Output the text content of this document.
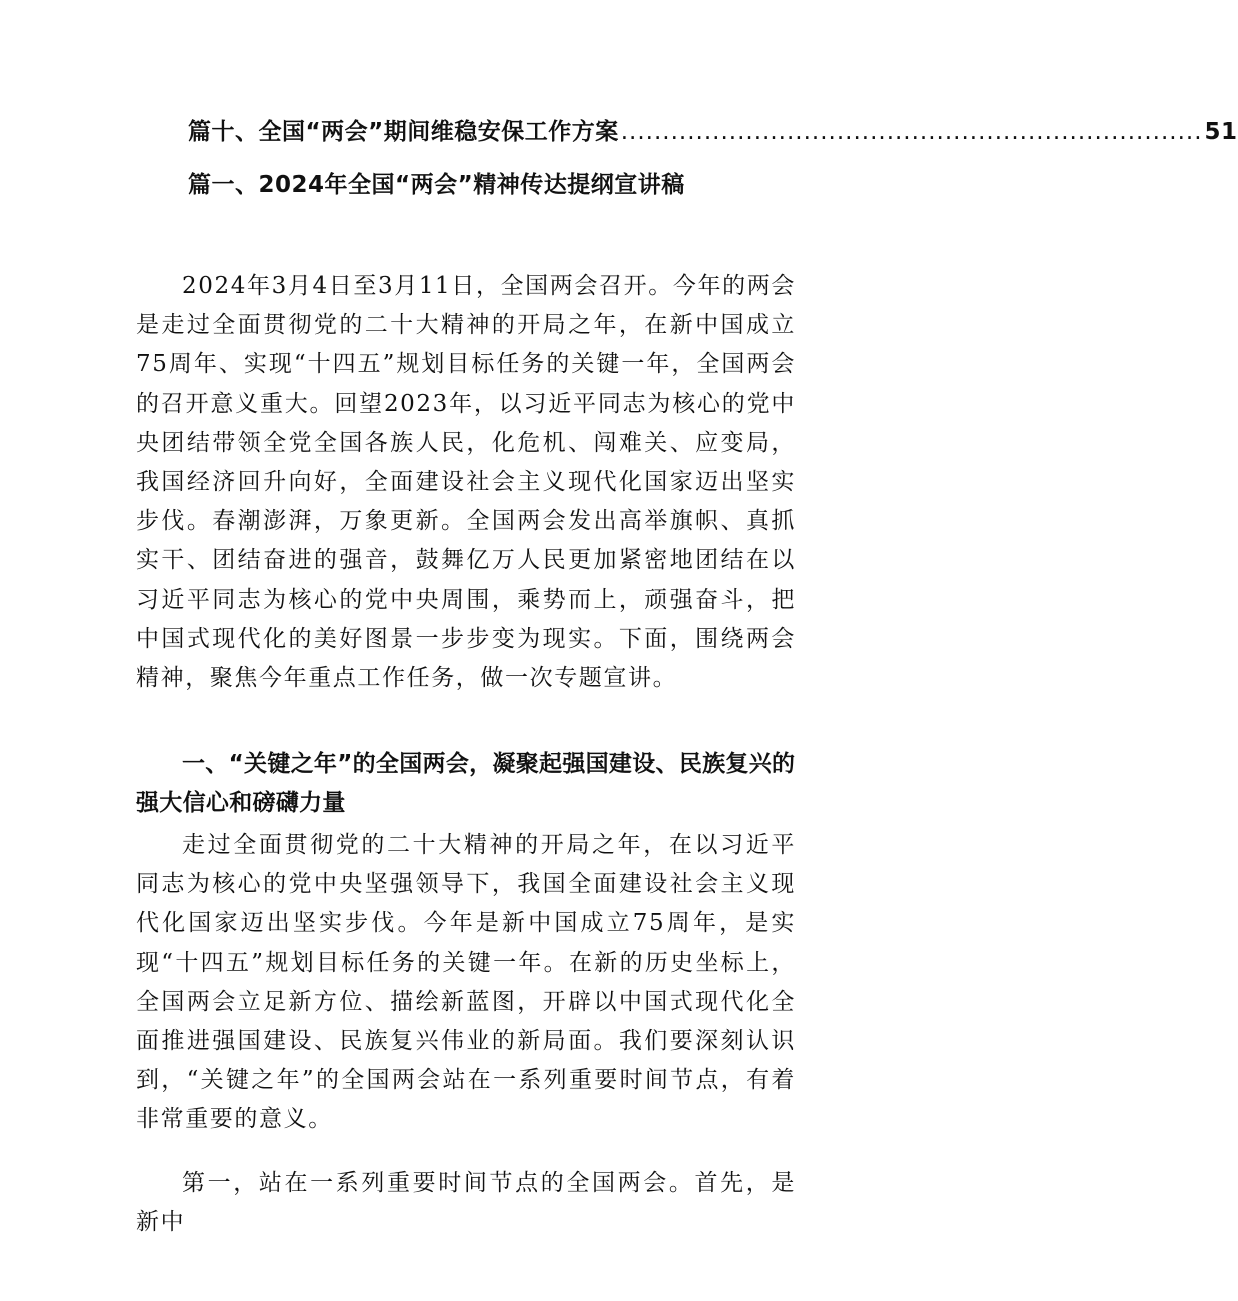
篇十、全国“两会”期间维稳安保工作方案 ...................................................................... 51
篇一、2024年全国“两会”精神传达提纲宣讲稿

2024年3月4日至3月11日，全国两会召开。今年的两会是走过全面贯彻党的二十大精神的开局之年，在新中国成立75周年、实现“十四五”规划目标任务的关键一年，全国两会的召开意义重大。回望2023年，以习近平同志为核心的党中央团结带领全党全国各族人民，化危机、闯难关、应变局，我国经济回升向好，全面建设社会主义现代化国家迈出坚实步伐。春潮澎湃，万象更新。全国两会发出高举旗帜、真抓实干、团结奋进的强音，鼓舞亿万人民更加紧密地团结在以习近平同志为核心的党中央周围，乘势而上，顽强奋斗，把中国式现代化的美好图景一步步变为现实。下面，围绕两会精神，聚焦今年重点工作任务，做一次专题宣讲。

一、“关键之年”的全国两会，凝聚起强国建设、民族复兴的强大信心和磅礴力量

走过全面贯彻党的二十大精神的开局之年，在以习近平同志为核心的党中央坚强领导下，我国全面建设社会主义现代化国家迈出坚实步伐。今年是新中国成立75周年，是实现“十四五”规划目标任务的关键一年。在新的历史坐标上，全国两会立足新方位、描绘新蓝图，开辟以中国式现代化全面推进强国建设、民族复兴伟业的新局面。我们要深刻认识到，“关键之年”的全国两会站在一系列重要时间节点，有着非常重要的意义。

第一，站在一系列重要时间节点的全国两会。首先，是新中
